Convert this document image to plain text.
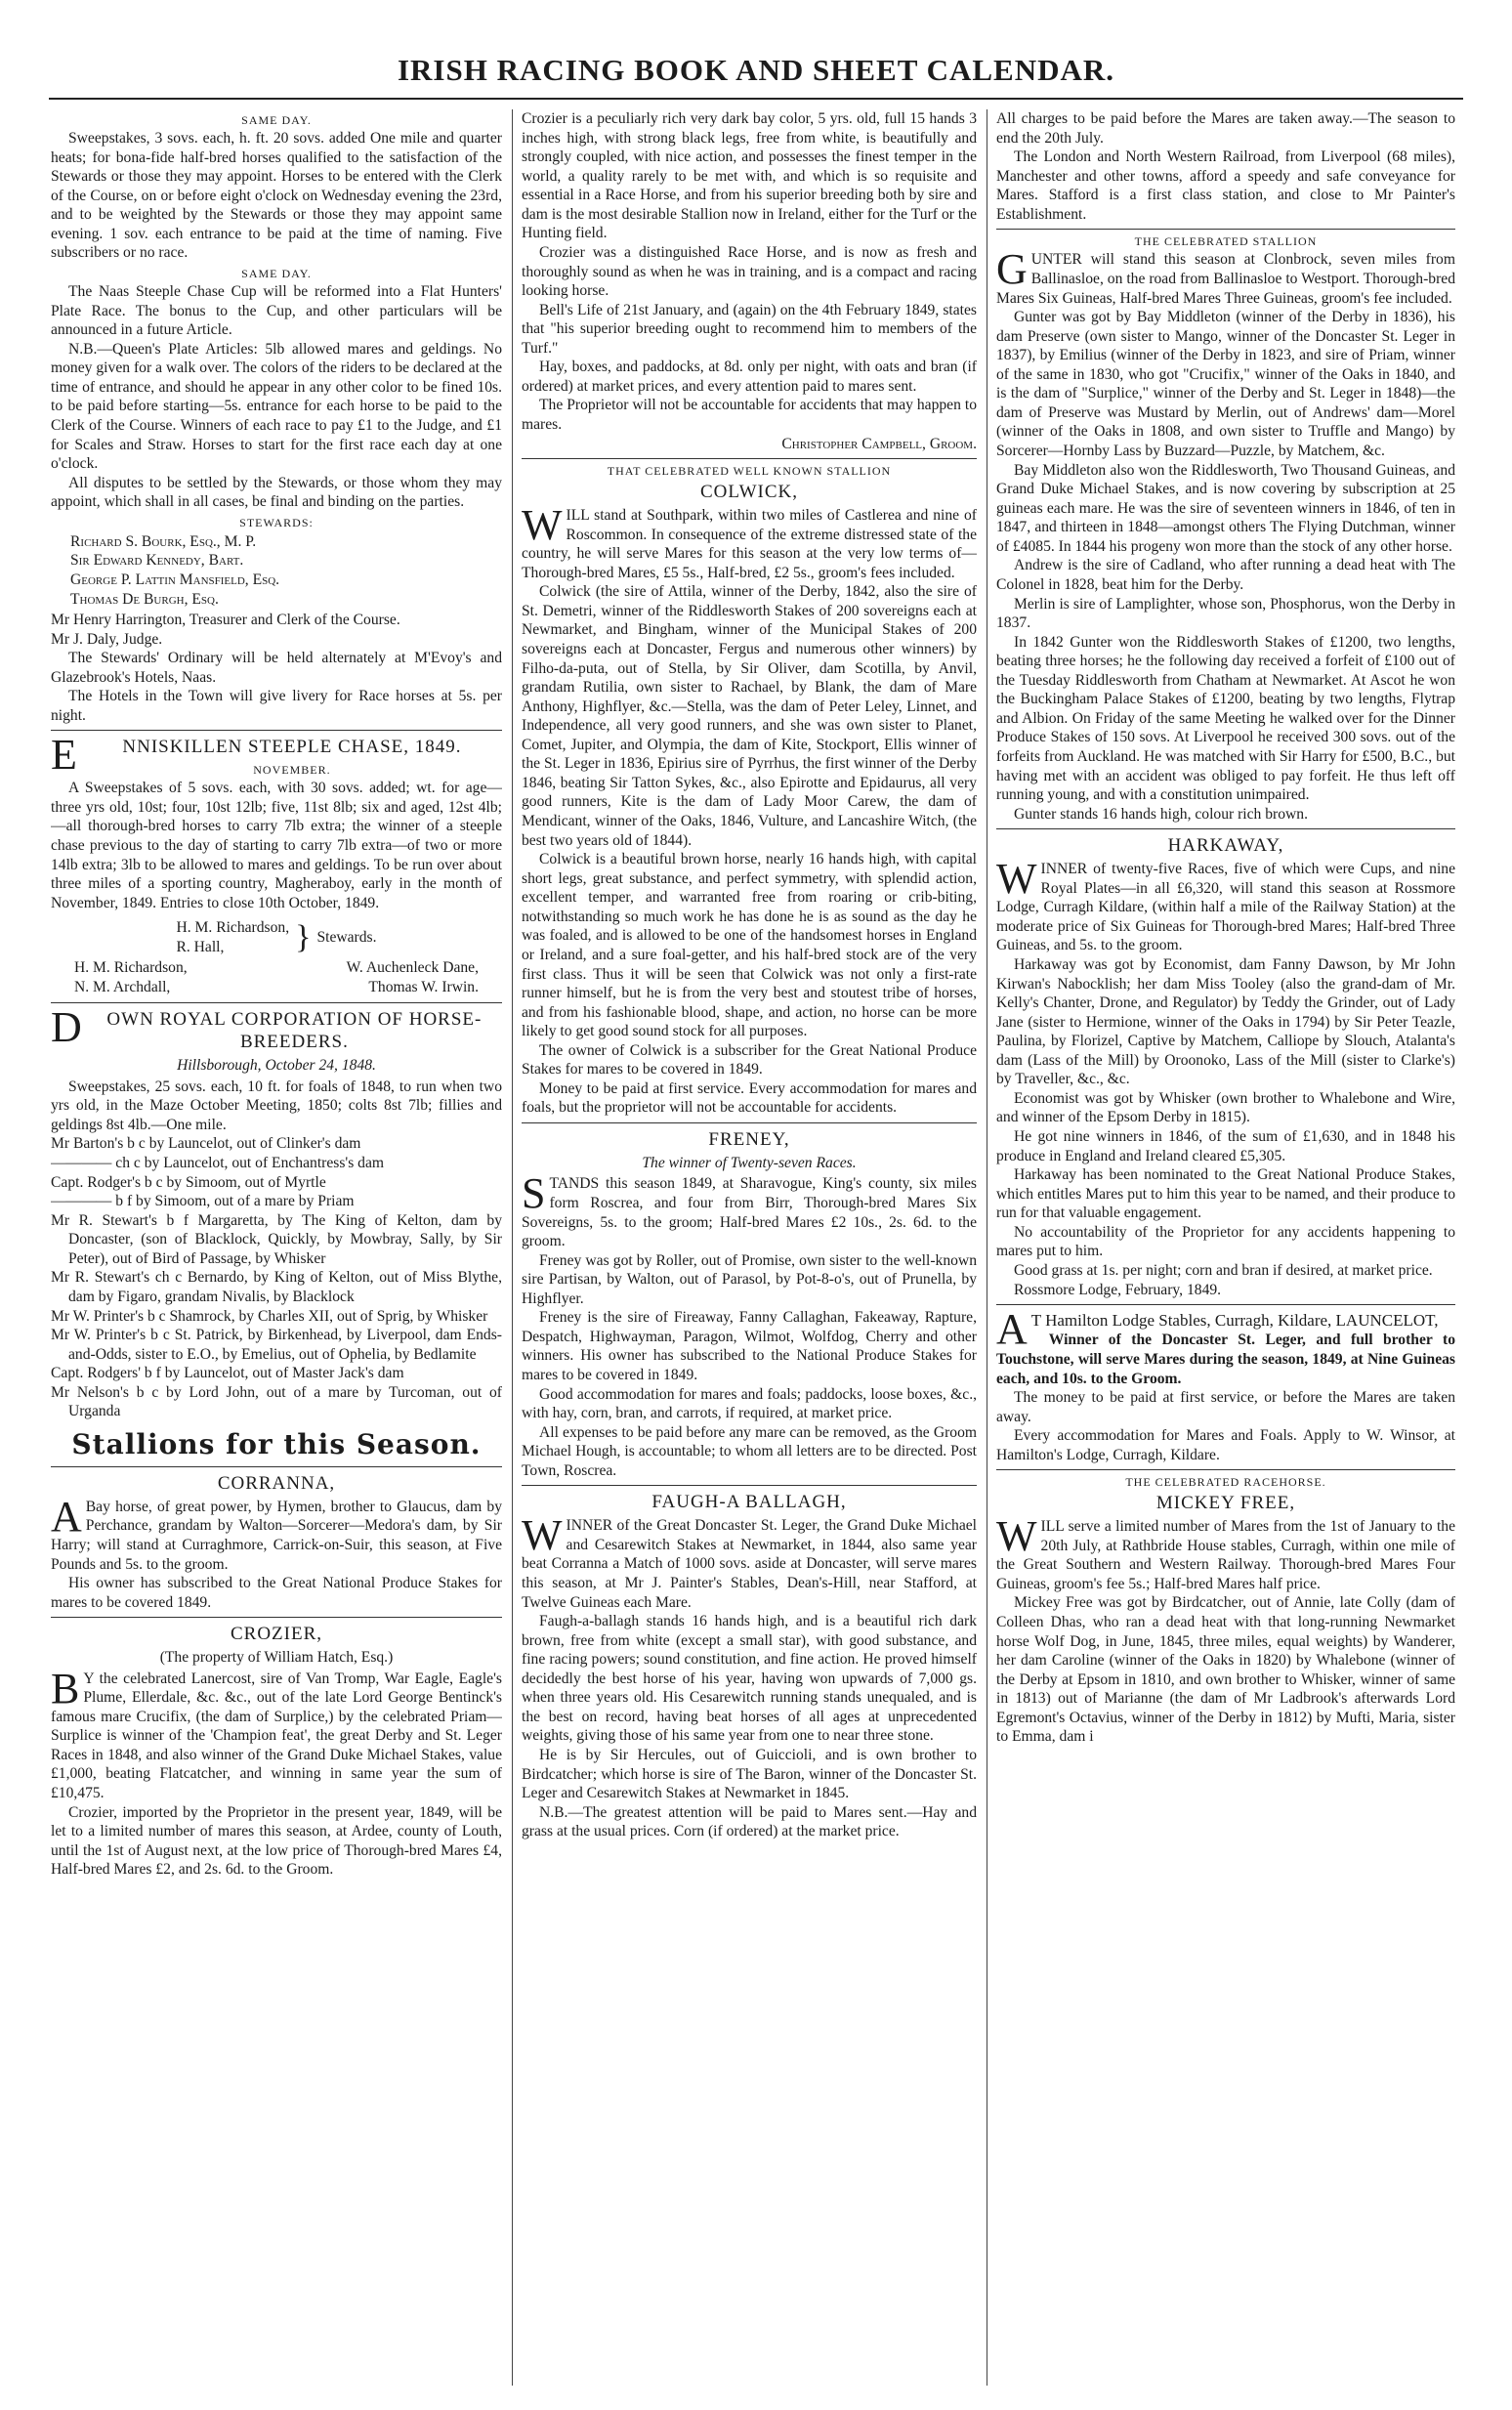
IRISH RACING BOOK AND SHEET CALENDAR.
SAME DAY.

Sweepstakes, 3 sovs. each, h. ft. 20 sovs. added One mile and quarter heats; for bona-fide half-bred horses qualified to the satisfaction of the Stewards or those they may appoint. Horses to be entered with the Clerk of the Course, on or before eight o'clock on Wednesday evening the 23rd, and to be weighted by the Stewards or those they may appoint same evening. 1 sov. each entrance to be paid at the time of naming. Five subscribers or no race.

SAME DAY.

The Naas Steeple Chase Cup will be reformed into a Flat Hunters' Plate Race. The bonus to the Cup, and other particulars will be announced in a future Article.

N.B.—Queen's Plate Articles: 5lb allowed mares and geldings. No money given for a walk over. The colors of the riders to be declared at the time of entrance, and should he appear in any other color to be fined 10s. to be paid before starting—5s. entrance for each horse to be paid to the Clerk of the Course. Winners of each race to pay £1 to the Judge, and £1 for Scales and Straw. Horses to start for the first race each day at one o'clock.

All disputes to be settled by the Stewards, or those whom they may appoint, which shall in all cases, be final and binding on the parties.

STEWARDS:
Richard S. Bourk, Esq., M. P.
Sir Edward Kennedy, Bart.
George P. Lattin Mansfield, Esq.
Thomas De Burgh, Esq.

Mr Henry Harrington, Treasurer and Clerk of the Course.

Mr J. Daly, Judge.

The Stewards' Ordinary will be held alternately at M'Evoy's and Glazebrook's Hotels, Naas.

The Hotels in the Town will give livery for Race horses at 5s. per night.

E NNISKILLEN STEEPLE CHASE, 1849.
NOVEMBER.

A Sweepstakes of 5 sovs. each, with 30 sovs. added; wt. for age—three yrs old, 10st; four, 10st 12lb; five, 11st 8lb; six and aged, 12st 4lb;—all thorough-bred horses to carry 7lb extra; the winner of a steeple chase previous to the day of starting to carry 7lb extra—of two or more 14lb extra; 3lb to be allowed to mares and geldings. To be run over about three miles of a sporting country, Magheraboy, early in the month of November, 1849. Entries to close 10th October, 1849.

H. M. Richardson,
R. Hall,	} Stewards.
H. M. Richardson,	W. Auchenleck Dane,
N. M. Archdall,	Thomas W. Irwin.
D OWN ROYAL CORPORATION OF HORSE-BREEDERS.
Hillsborough, October 24, 1848.

Sweepstakes, 25 sovs. each, 10 ft. for foals of 1848, to run when two yrs old, in the Maze October Meeting, 1850; colts 8st 7lb; fillies and geldings 8st 4lb.—One mile.

Mr Barton's b c by Launcelot, out of Clinker's dam

———— ch c by Launcelot, out of Enchantress's dam

Capt. Rodger's b c by Simoom, out of Myrtle

———— b f by Simoom, out of a mare by Priam

Mr R. Stewart's b f Margaretta, by The King of Kelton, dam by Doncaster, (son of Blacklock, Quickly, by Mowbray, Sally, by Sir Peter), out of Bird of Passage, by Whisker

Mr R. Stewart's ch c Bernardo, by King of Kelton, out of Miss Blythe, dam by Figaro, grandam Nivalis, by Blacklock

Mr W. Printer's b c Shamrock, by Charles XII, out of Sprig, by Whisker

Mr W. Printer's b c St. Patrick, by Birkenhead, by Liverpool, dam Ends-and-Odds, sister to E.O., by Emelius, out of Ophelia, by Bedlamite

Capt. Rodgers' b f by Launcelot, out of Master Jack's dam

Mr Nelson's b c by Lord John, out of a mare by Turcoman, out of Urganda

Stallions for this Season.
CORRANNA,

A Bay horse, of great power, by Hymen, brother to Glaucus, dam by Perchance, grandam by Walton—Sorcerer—Medora's dam, by Sir Harry; will stand at Curraghmore, Carrick-on-Suir, this season, at Five Pounds and 5s. to the groom.

His owner has subscribed to the Great National Produce Stakes for mares to be covered 1849.

CROZIER,
(The property of William Hatch, Esq.)

B Y the celebrated Lanercost, sire of Van Tromp, War Eagle, Eagle's Plume, Ellerdale, &c. &c., out of the late Lord George Bentinck's famous mare Crucifix, (the dam of Surplice,) by the celebrated Priam—Surplice is winner of the 'Champion feat', the great Derby and St. Leger Races in 1848, and also winner of the Grand Duke Michael Stakes, value £1,000, beating Flatcatcher, and winning in same year the sum of £10,475.

Crozier, imported by the Proprietor in the present year, 1849, will be let to a limited number of mares this season, at Ardee, county of Louth, until the 1st of August next, at the low price of Thorough-bred Mares £4, Half-bred Mares £2, and 2s. 6d. to the Groom.

Crozier is a peculiarly rich very dark bay color, 5 yrs. old, full 15 hands 3 inches high, with strong black legs, free from white, is beautifully and strongly coupled, with nice action, and possesses the finest temper in the world, a quality rarely to be met with, and which is so requisite and essential in a Race Horse, and from his superior breeding both by sire and dam is the most desirable Stallion now in Ireland, either for the Turf or the Hunting field.

Crozier was a distinguished Race Horse, and is now as fresh and thoroughly sound as when he was in training, and is a compact and racing looking horse.

Bell's Life of 21st January, and (again) on the 4th February 1849, states that "his superior breeding ought to recommend him to members of the Turf."

Hay, boxes, and paddocks, at 8d. only per night, with oats and bran (if ordered) at market prices, and every attention paid to mares sent.

The Proprietor will not be accountable for accidents that may happen to mares.

Christopher Campbell, Groom.

THAT CELEBRATED WELL KNOWN STALLION
COLWICK,

WILL stand at Southpark, within two miles of Castlerea and nine of Roscommon. In consequence of the extreme distressed state of the country, he will serve Mares for this season at the very low terms of—Thorough-bred Mares, £5 5s., Half-bred, £2 5s., groom's fees included.

Colwick (the sire of Attila, winner of the Derby, 1842, also the sire of St. Demetri, winner of the Riddlesworth Stakes of 200 sovereigns each at Newmarket, and Bingham, winner of the Municipal Stakes of 200 sovereigns each at Doncaster, Fergus and numerous other winners) by Filho-da-puta, out of Stella, by Sir Oliver, dam Scotilla, by Anvil, grandam Rutilia, own sister to Rachael, by Blank, the dam of Mare Anthony, Highflyer, &c.—Stella, was the dam of Peter Leley, Linnet, and Independence, all very good runners, and she was own sister to Planet, Comet, Jupiter, and Olympia, the dam of Kite, Stockport, Ellis winner of the St. Leger in 1836, Epirius sire of Pyrrhus, the first winner of the Derby 1846, beating Sir Tatton Sykes, &c., also Epirotte and Epidaurus, all very good runners, Kite is the dam of Lady Moor Carew, the dam of Mendicant, winner of the Oaks, 1846, Vulture, and Lancashire Witch, (the best two years old of 1844).

Colwick is a beautiful brown horse, nearly 16 hands high, with capital short legs, great substance, and perfect symmetry, with splendid action, excellent temper, and warranted free from roaring or crib-biting, notwithstanding so much work he has done he is as sound as the day he was foaled, and is allowed to be one of the handsomest horses in England or Ireland, and a sure foal-getter, and his half-bred stock are of the very first class. Thus it will be seen that Colwick was not only a first-rate runner himself, but he is from the very best and stoutest tribe of horses, and from his fashionable blood, shape, and action, no horse can be more likely to get good sound stock for all purposes.

The owner of Colwick is a subscriber for the Great National Produce Stakes for mares to be covered in 1849.

Money to be paid at first service. Every accommodation for mares and foals, but the proprietor will not be accountable for accidents.

FRENEY,
The winner of Twenty-seven Races.

STANDS this season 1849, at Sharavogue, King's county, six miles form Roscrea, and four from Birr, Thorough-bred Mares Six Sovereigns, 5s. to the groom; Half-bred Mares £2 10s., 2s. 6d. to the groom.

Freney was got by Roller, out of Promise, own sister to the well-known sire Partisan, by Walton, out of Parasol, by Pot-8-o's, out of Prunella, by Highflyer.

Freney is the sire of Fireaway, Fanny Callaghan, Fakeaway, Rapture, Despatch, Highwayman, Paragon, Wilmot, Wolfdog, Cherry and other winners. His owner has subscribed to the National Produce Stakes for mares to be covered in 1849.

Good accommodation for mares and foals; paddocks, loose boxes, &c., with hay, corn, bran, and carrots, if required, at market price.

All expenses to be paid before any mare can be removed, as the Groom Michael Hough, is accountable; to whom all letters are to be directed. Post Town, Roscrea.

FAUGH-A BALLAGH,

WINNER of the Great Doncaster St. Leger, the Grand Duke Michael and Cesarewitch Stakes at Newmarket, in 1844, also same year beat Corranna a Match of 1000 sovs. aside at Doncaster, will serve mares this season, at Mr J. Painter's Stables, Dean's-Hill, near Stafford, at Twelve Guineas each Mare.

Faugh-a-ballagh stands 16 hands high, and is a beautiful rich dark brown, free from white (except a small star), with good substance, and fine racing powers; sound constitution, and fine action. He proved himself decidedly the best horse of his year, having won upwards of 7,000 gs. when three years old. His Cesarewitch running stands unequaled, and is the best on record, having beat horses of all ages at unprecedented weights, giving those of his same year from one to near three stone.

He is by Sir Hercules, out of Guiccioli, and is own brother to Birdcatcher; which horse is sire of The Baron, winner of the Doncaster St. Leger and Cesarewitch Stakes at Newmarket in 1845.

N.B.—The greatest attention will be paid to Mares sent.—Hay and grass at the usual prices. Corn (if ordered) at the market price.

All charges to be paid before the Mares are taken away.—The season to end the 20th July.

The London and North Western Railroad, from Liverpool (68 miles), Manchester and other towns, afford a speedy and safe conveyance for Mares. Stafford is a first class station, and close to Mr Painter's Establishment.

THE CELEBRATED STALLION

GUNTER will stand this season at Clonbrock, seven miles from Ballinasloe, on the road from Ballinasloe to Westport. Thorough-bred Mares Six Guineas, Half-bred Mares Three Guineas, groom's fee included.

Gunter was got by Bay Middleton (winner of the Derby in 1836), his dam Preserve (own sister to Mango, winner of the Doncaster St. Leger in 1837), by Emilius (winner of the Derby in 1823, and sire of Priam, winner of the same in 1830, who got "Crucifix," winner of the Oaks in 1840, and is the dam of "Surplice," winner of the Derby and St. Leger in 1848)—the dam of Preserve was Mustard by Merlin, out of Andrews' dam—Morel (winner of the Oaks in 1808, and own sister to Truffle and Mango) by Sorcerer—Hornby Lass by Buzzard—Puzzle, by Matchem, &c.

Bay Middleton also won the Riddlesworth, Two Thousand Guineas, and Grand Duke Michael Stakes, and is now covering by subscription at 25 guineas each mare. He was the sire of seventeen winners in 1846, of ten in 1847, and thirteen in 1848—amongst others The Flying Dutchman, winner of £4085. In 1844 his progeny won more than the stock of any other horse.

Andrew is the sire of Cadland, who after running a dead heat with The Colonel in 1828, beat him for the Derby.

Merlin is sire of Lamplighter, whose son, Phosphorus, won the Derby in 1837.

In 1842 Gunter won the Riddlesworth Stakes of £1200, two lengths, beating three horses; he the following day received a forfeit of £100 out of the Tuesday Riddlesworth from Chatham at Newmarket. At Ascot he won the Buckingham Palace Stakes of £1200, beating by two lengths, Flytrap and Albion. On Friday of the same Meeting he walked over for the Dinner Produce Stakes of 150 sovs. At Liverpool he received 300 sovs. out of the forfeits from Auckland. He was matched with Sir Harry for £500, B.C., but having met with an accident was obliged to pay forfeit. He thus left off running young, and with a constitution unimpaired.

Gunter stands 16 hands high, colour rich brown.

HARKAWAY,

WINNER of twenty-five Races, five of which were Cups, and nine Royal Plates—in all £6,320, will stand this season at Rossmore Lodge, Curragh Kildare, (within half a mile of the Railway Station) at the moderate price of Six Guineas for Thorough-bred Mares; Half-bred Three Guineas, and 5s. to the groom.

Harkaway was got by Economist, dam Fanny Dawson, by Mr John Kirwan's Nabocklish; her dam Miss Tooley (also the grand-dam of Mr. Kelly's Chanter, Drone, and Regulator) by Teddy the Grinder, out of Lady Jane (sister to Hermione, winner of the Oaks in 1794) by Sir Peter Teazle, Paulina, by Florizel, Captive by Matchem, Calliope by Slouch, Atalanta's dam (Lass of the Mill) by Oroonoko, Lass of the Mill (sister to Clarke's) by Traveller, &c., &c.

Economist was got by Whisker (own brother to Whalebone and Wire, and winner of the Epsom Derby in 1815).

He got nine winners in 1846, of the sum of £1,630, and in 1848 his produce in England and Ireland cleared £5,305.

Harkaway has been nominated to the Great National Produce Stakes, which entitles Mares put to him this year to be named, and their produce to run for that valuable engagement.

No accountability of the Proprietor for any accidents happening to mares put to him.

Good grass at 1s. per night; corn and bran if desired, at market price.

Rossmore Lodge, February, 1849.

A T Hamilton Lodge Stables, Curragh, Kildare, LAUNCELOT,

Winner of the Doncaster St. Leger, and full brother to Touchstone, will serve Mares during the season, 1849, at Nine Guineas each, and 10s. to the Groom.

The money to be paid at first service, or before the Mares are taken away.

Every accommodation for Mares and Foals. Apply to W. Winsor, at Hamilton's Lodge, Curragh, Kildare.

THE CELEBRATED RACEHORSE.
MICKEY FREE,

WILL serve a limited number of Mares from the 1st of January to the 20th July, at Rathbride House stables, Curragh, within one mile of the Great Southern and Western Railway. Thorough-bred Mares Four Guineas, groom's fee 5s.; Half-bred Mares half price.

Mickey Free was got by Birdcatcher, out of Annie, late Colly (dam of Colleen Dhas, who ran a dead heat with that long-running Newmarket horse Wolf Dog, in June, 1845, three miles, equal weights) by Wanderer, her dam Caroline (winner of the Oaks in 1820) by Whalebone (winner of the Derby at Epsom in 1810, and own brother to Whisker, winner of same in 1813) out of Marianne (the dam of Mr Ladbrook's afterwards Lord Egremont's Octavius, winner of the Derby in 1812) by Mufti, Maria, sister to Emma, dam i
